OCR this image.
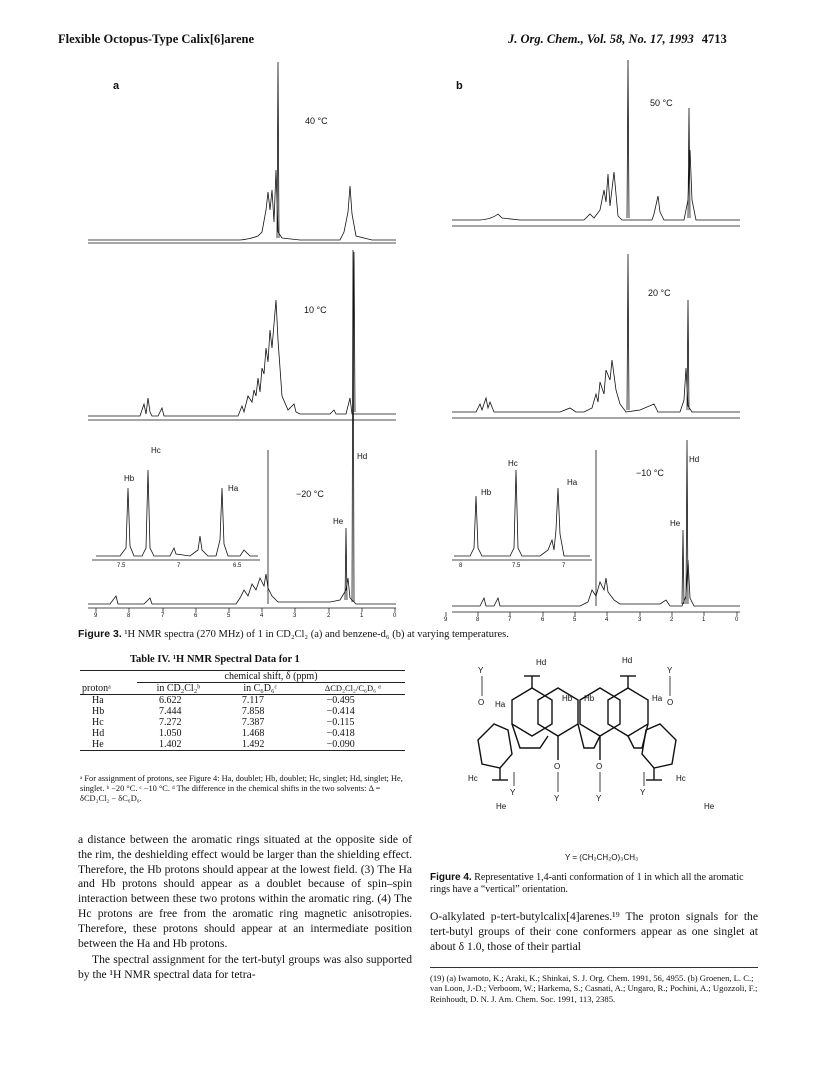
Flexible Octopus-Type Calix[6]arene	J. Org. Chem., Vol. 58, No. 17, 1993 4713
a	b
40 °C
10 °C
−20 °C
50 °C
20 °C
−10 °C
Hb
Hc
Ha
Hd
He
Hb
Hc
Ha
Hd
He
7.5	7	6.5	8	7.5	7
9	8	7	6	5	4	3	2	1	0
9	8	7	6	5	4	3	2	1	0
Figure 3. ¹H NMR spectra (270 MHz) of 1 in CD₂Cl₂ (a) and benzene-d₆ (b) at varying temperatures.
Table IV. ¹H NMR Spectral Data for 1
	chemical shift, δ (ppm)		
protonᵃ	in CD₂Cl₂ᵇ	in C₆D₆ᶜ	ΔCD₂Cl₂/C₆D₆ ᵈ
Ha	6.622	7.117	−0.495
Hb	7.444	7.858	−0.414
Hc	7.272	7.387	−0.115
Hd	1.050	1.468	−0.418
He	1.402	1.492	−0.090
ᵃ For assignment of protons, see Figure 4: Ha, doublet; Hb, doublet; Hc, singlet; Hd, singlet; He, singlet. ᵇ −20 °C. ᶜ −10 °C. ᵈ The difference in the chemical shifts in the two solvents: Δ = δCD₂Cl₂ − δC₆D₆.
Y	Y
O	O
O	O
Y	Y
Y	Y
Hd	Hd
Ha
Ha
Hb Hb
Hc	Hc
He	He
Y = (CH₂CH₂O)₃CH₃
Figure 4. Representative 1,4-anti conformation of 1 in which all the aromatic rings have a “vertical” orientation.

a distance between the aromatic rings situated at the opposite side of the rim, the deshielding effect would be larger than the shielding effect. Therefore, the Hb protons should appear at the lowest field. (3) The Ha and Hb protons should appear as a doublet because of spin–spin interaction between these two protons within the aromatic ring. (4) The Hc protons are free from the aromatic ring magnetic anisotropies. Therefore, these protons should appear at an intermediate position between the Ha and Hb protons.

The spectral assignment for the tert-butyl groups was also supported by the ¹H NMR spectral data for tetra-

O-alkylated p-tert-butylcalix[4]arenes.¹⁹ The proton signals for the tert-butyl groups of their cone conformers appear as one singlet at about δ 1.0, those of their partial
(19) (a) Iwamoto, K.; Araki, K.; Shinkai, S. J. Org. Chem. 1991, 56, 4955. (b) Groenen, L. C.; van Loon, J.-D.; Verboom, W.; Harkema, S.; Casnati, A.; Ungaro, R.; Pochini, A.; Ugozzoli, F.; Reinhoudt, D. N. J. Am. Chem. Soc. 1991, 113, 2385.
